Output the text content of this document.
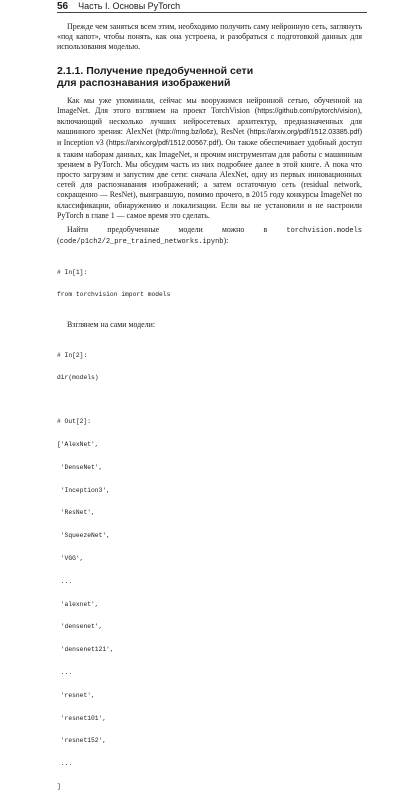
56 Часть I. Основы PyTorch

Прежде чем заняться всем этим, необходимо получить саму нейронную сеть, заглянуть «под капот», чтобы понять, как она устроена, и разобраться с подготовкой данных для использования моделью.

2.1.1. Получение предобученной сети
для распознавания изображений

Как мы уже упоминали, сейчас мы вооружимся нейронной сетью, обученной на ImageNet. Для этого взглянем на проект TorchVision (https://github.com/pytorch/vision), включающий несколько лучших нейросетевых архитектур, предназначенных для машинного зрения: AlexNet (http://mng.bz/lo6z), ResNet (https://arxiv.org/pdf/1512.03385.pdf) и Inception v3 (https://arxiv.org/pdf/1512.00567.pdf). Он также обеспечивает удобный доступ к таким наборам данных, как ImageNet, и прочим инструментам для работы с машинным зрением в PyTorch. Мы обсудим часть из них подробнее далее в этой книге. А пока что просто загрузим и запустим две сети: сначала AlexNet, одну из первых инновационных сетей для распознавания изображений; а затем остаточную сеть (residual network, сокращенно — ResNet), выигравшую, помимо прочего, в 2015 году конкурсы ImageNet по классификации, обнаружению и локализации. Если вы не установили и не настроили PyTorch в главе 1 — самое время это сделать.

Найти предобученные модели можно в torchvision.models (code/p1ch2/2_pre_trained_networks.ipynb):

# In[1]:

from torchvision import models

Взглянем на сами модели:

# In[2]:

dir(models)

# Out[2]:

['AlexNet',

'DenseNet',

'Inception3',

'ResNet',

'SqueezeNet',

'VGG',

...

'alexnet',

'densenet',

'densenet121',

...

'resnet',

'resnet101',

'resnet152',

...

]
